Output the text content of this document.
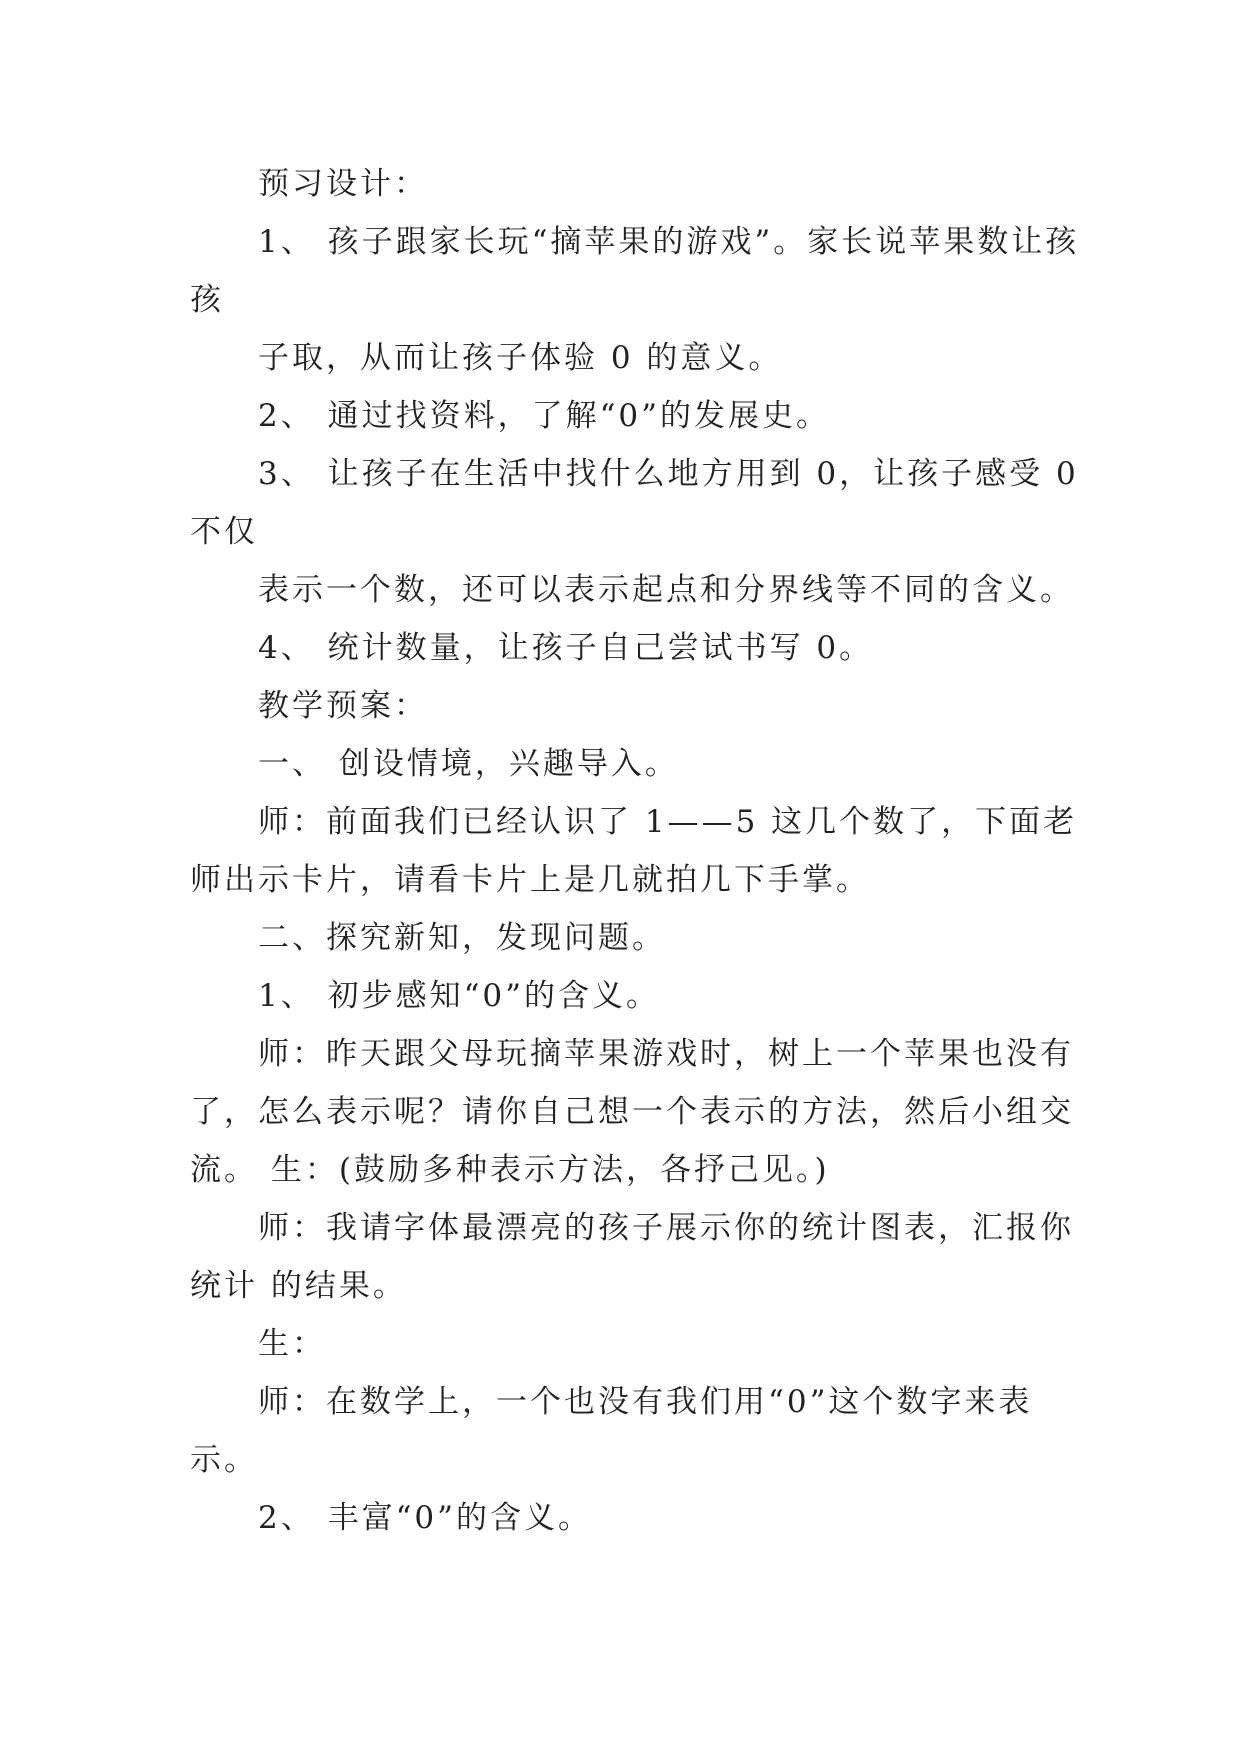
预习设计：
1、 孩子跟家长玩“摘苹果的游戏”。家长说苹果数让孩
孩
子取，从而让孩子体验 0 的意义。
2、 通过找资料，了解“0”的发展史。
3、 让孩子在生活中找什么地方用到 0，让孩子感受 0
不仅
表示一个数，还可以表示起点和分界线等不同的含义。
4、 统计数量，让孩子自己尝试书写 0。
教学预案：
一、 创设情境，兴趣导入。
师：前面我们已经认识了 1——5 这几个数了，下面老
师出示卡片，请看卡片上是几就拍几下手掌。
二、探究新知，发现问题。
1、 初步感知“0”的含义。
师：昨天跟父母玩摘苹果游戏时，树上一个苹果也没有
了，怎么表示呢？请你自己想一个表示的方法，然后小组交
流。 生：(鼓励多种表示方法，各抒己见。)
师：我请字体最漂亮的孩子展示你的统计图表，汇报你
统计 的结果。
生：
师：在数学上，一个也没有我们用“0”这个数字来表
示。
2、 丰富“0”的含义。
